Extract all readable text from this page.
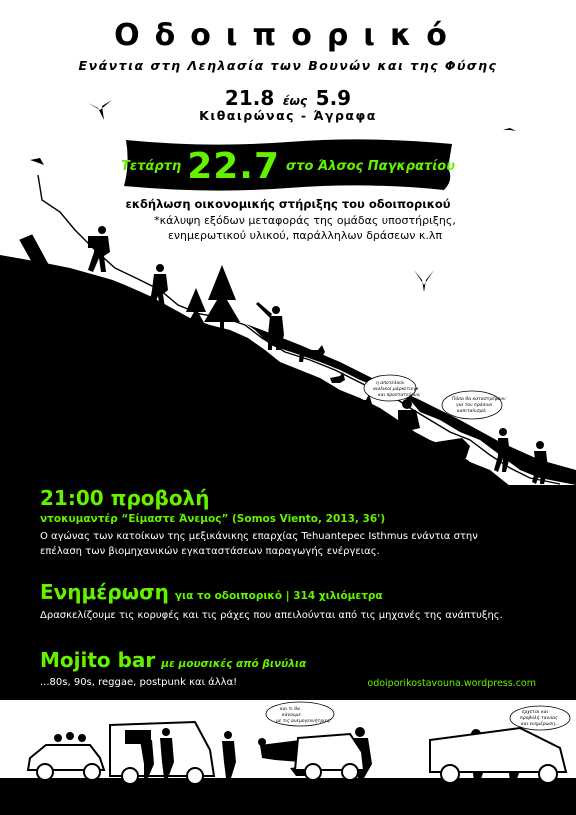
η αποτελούν
αιολικοί μάρκετινγκ
και προστατεύουν;
Πόσα θα καταστρέψουν
για τον πράσινο
καπιταλισμό;
Οδοιπορικό
Ενάντια στη Λεηλασία των Βουνών και της Φύσης
21.8 έως 5.9
Κιθαιρώνας - Άγραφα
Τετάρτη 22.7 στο Άλσος Παγκρατίου
εκδήλωση οικονομικής στήριξης του οδοιπορικού
*κάλυψη εξόδων μεταφοράς της ομάδας υποστήριξης, ενημερωτικού υλικού, παράλληλων δράσεων κ.λπ
21:00 προβολή
ντοκυμαντέρ “Είμαστε Άνεμος” (Somos Viento, 2013, 36')
Ο αγώνας των κατοίκων της μεξικάνικης επαρχίας Tehuantepec Isthmus ενάντια στην επέλαση των βιομηχανικών εγκαταστάσεων παραγωγής ενέργειας.
Ενημέρωση για το οδοιπορικό | 314 χιλιόμετρα
Δρασκελίζουμε τις κορυφές και τις ράχες που απειλούνται από τις μηχανές της ανάπτυξης.
Mojito bar με μουσικές από βινύλια
...80s, 90s, reggae, postpunk και άλλα!	odoiporikostavouna.wordpress.com
και τι θα
κάνουμε
με τις ανεμογεννήτριες;
έρχεται και
προβολή ταινίας
και ενημέρωση...
